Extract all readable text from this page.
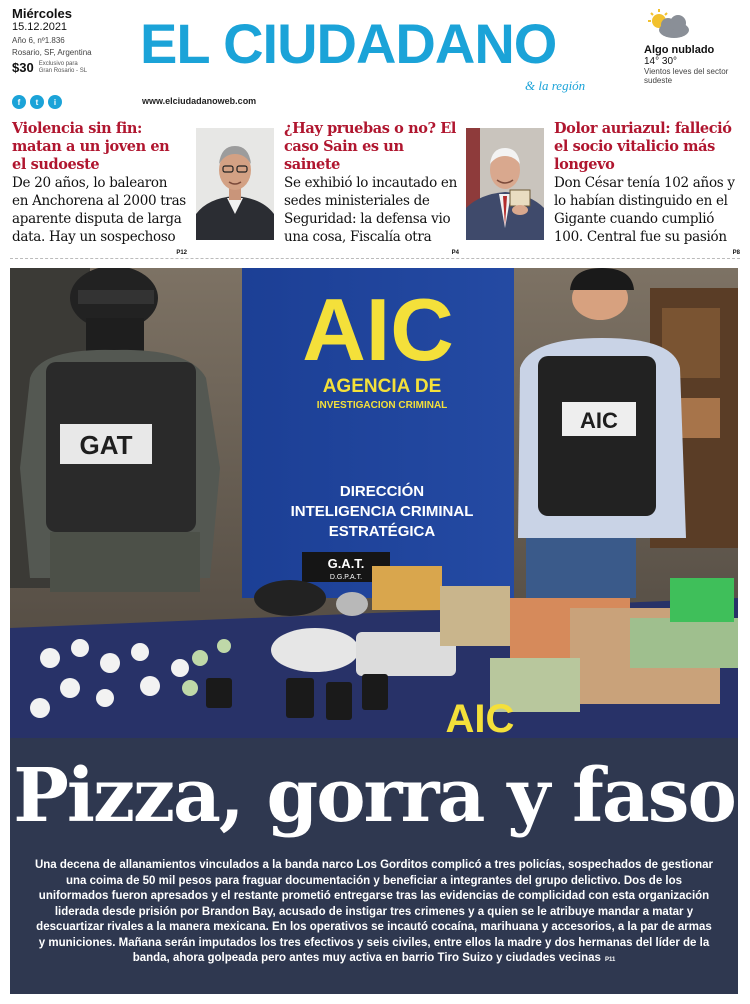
Miércoles
15.12.2021
Año 6, nº1.836
Rosario, SF, Argentina
$30 Exclusivo para Gran Rosario - SL EL CIUDADANO
& la región
f	t	i	www.elciudadanoweb.com
Algo nublado
14° 30°
Vientos leves del sector sudeste
Violencia sin fin: matan a un joven en el sudoeste

De 20 años, lo balearon en Anchorena al 2000 tras aparente disputa de larga data. Hay un sospechoso

P12
¿Hay pruebas o no? El caso Sain es un sainete

Se exhibió lo incautado en sedes ministeriales de Seguridad: la defensa vio una cosa, Fiscalía otra

P4
Dolor auriazul: falleció el socio vitalicio más longevo

Don César tenía 102 años y lo habían distinguido en el Gigante cuando cumplió 100. Central fue su pasión

P8
AIC
AGENCIA DE
INVESTIGACION CRIMINAL
DIRECCIÓN
INTELIGENCIA CRIMINAL
ESTRATÉGICA
GAT
AIC
G.A.T.
D.G.P.A.T.
AIC
Pizza, gorra y faso

Una decena de allanamientos vinculados a la banda narco Los Gorditos complicó a tres policías, sospechados de gestionar una coima de 50 mil pesos para fraguar documentación y beneficiar a integrantes del grupo delictivo. Dos de los uniformados fueron apresados y el restante prometió entregarse tras las evidencias de complicidad con esta organización liderada desde prisión por Brandon Bay, acusado de instigar tres crimenes y a quien se le atribuye mandar a matar y descuartizar rivales a la manera mexicana. En los operativos se incautó cocaína, marihuana y accesorios, a la par de armas y municiones. Mañana serán imputados los tres efectivos y seis civiles, entre ellos la madre y dos hermanas del líder de la banda, ahora golpeada pero antes muy activa en barrio Tiro Suizo y ciudades vecinas P11
